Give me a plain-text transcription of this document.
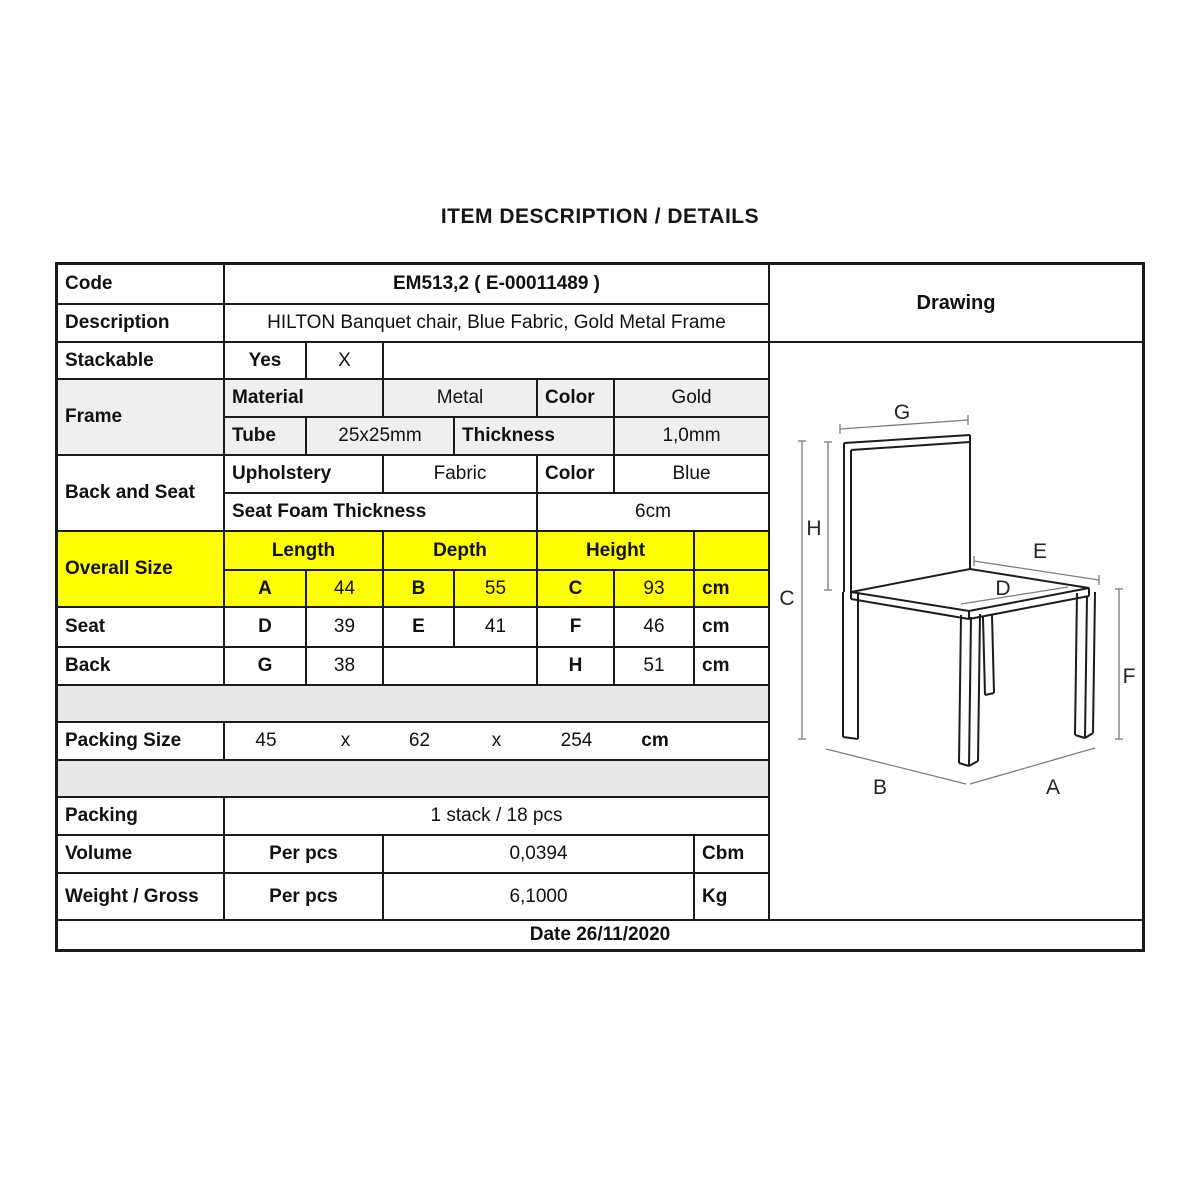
ITEM DESCRIPTION / DETAILS
Code	EM513,2 ( E-00011489 )
Description	HILTON Banquet chair, Blue Fabric, Gold Metal Frame
Drawing
Stackable	Yes	X
Frame
Material	Metal	Color	Gold
Tube	25x25mm	Thickness	1,0mm
Back and Seat
Upholstery	Fabric	Color	Blue
Seat Foam Thickness	6cm
Overall Size
Length	Depth	Height
A	44	B	55	C	93	cm
Seat	D	39	E	41	F	46	cm
Back	G	38	H	51	cm
Packing Size	45	x	62	x	254	cm
Packing	1 stack / 18 pcs
Volume	Per pcs	0,0394	Cbm
Weight / Gross	Per pcs	6,1000	Kg
G
H
C
E
D
F
B	A
Date 26/11/2020
